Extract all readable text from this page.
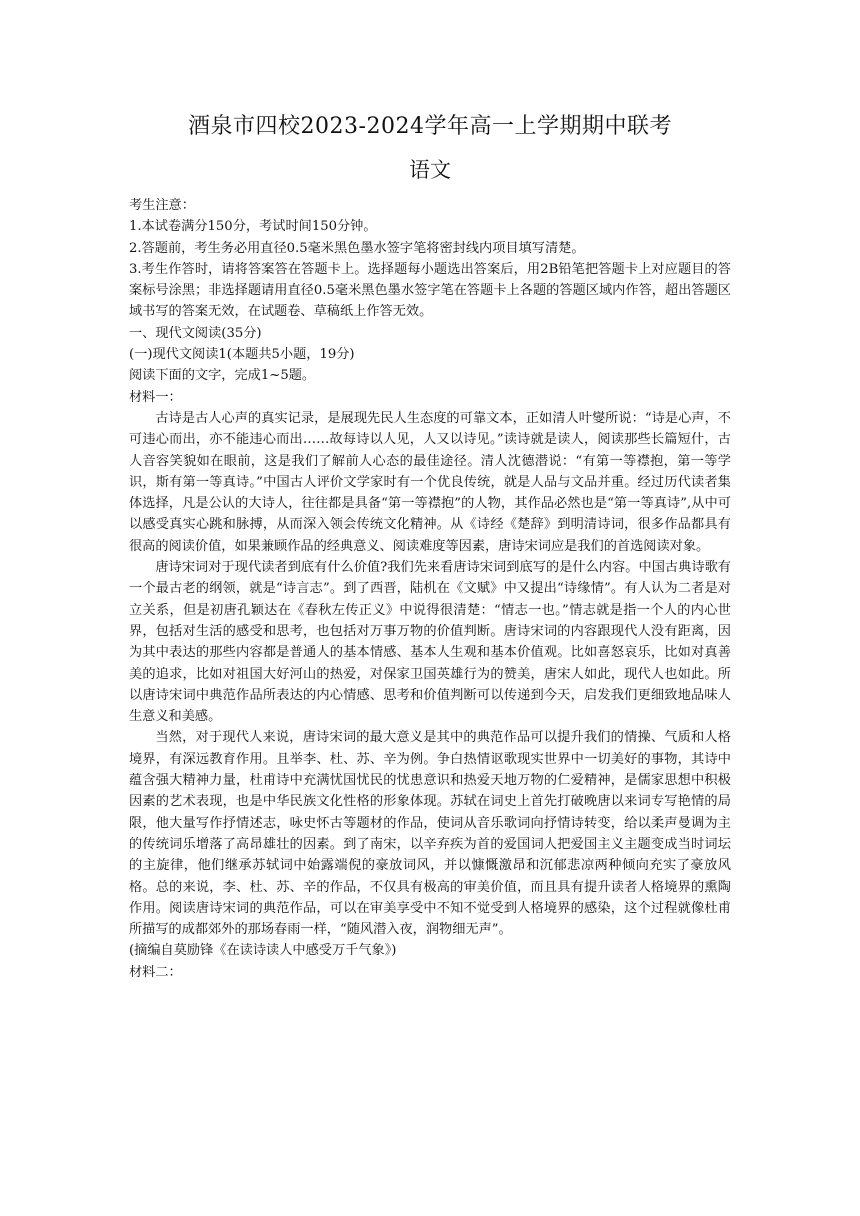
酒泉市四校2023-2024学年高一上学期期中联考
语文

考生注意：

1.本试卷满分150分，考试时间150分钟。

2.答题前，考生务必用直径0.5毫米黑色墨水签字笔将密封线内项目填写清楚。

3.考生作答时，请将答案答在答题卡上。选择题每小题选出答案后，用2B铅笔把答题卡上对应题目的答案标号涂黑；非选择题请用直径0.5毫米黑色墨水签字笔在答题卡上各题的答题区域内作答，超出答题区域书写的答案无效，在试题卷、草稿纸上作答无效。

一、现代文阅读(35分)

(一)现代文阅读1(本题共5小题，19分)

阅读下面的文字，完成1~5题。

材料一：

古诗是古人心声的真实记录，是展现先民人生态度的可靠文本，正如清人叶燮所说：“诗是心声，不可违心而出，亦不能违心而出……故每诗以人见，人又以诗见。”读诗就是读人，阅读那些长篇短什，古人音容笑貌如在眼前，这是我们了解前人心态的最佳途径。清人沈德潜说：“有第一等襟抱，第一等学识，斯有第一等真诗。”中国古人评价文学家时有一个优良传统，就是人品与文品并重。经过历代读者集体选择，凡是公认的大诗人，往往都是具备“第一等襟抱”的人物，其作品必然也是“第一等真诗”,从中可以感受真实心跳和脉搏，从而深入领会传统文化精神。从《诗经《楚辞》到明清诗词，很多作品都具有很高的阅读价值，如果兼顾作品的经典意义、阅读难度等因素，唐诗宋词应是我们的首选阅读对象。

唐诗宋词对于现代读者到底有什么价值?我们先来看唐诗宋词到底写的是什么内容。中国古典诗歌有一个最古老的纲领，就是“诗言志”。到了西晋，陆机在《文赋》中又提出“诗缘情”。有人认为二者是对立关系，但是初唐孔颖达在《春秋左传正义》中说得很清楚：“情志一也。”情志就是指一个人的内心世界，包括对生活的感受和思考，也包括对万事万物的价值判断。唐诗宋词的内容跟现代人没有距离，因为其中表达的那些内容都是普通人的基本情感、基本人生观和基本价值观。比如喜怒哀乐，比如对真善美的追求，比如对祖国大好河山的热爱，对保家卫国英雄行为的赞美，唐宋人如此，现代人也如此。所以唐诗宋词中典范作品所表达的内心情感、思考和价值判断可以传递到今天，启发我们更细致地品味人生意义和美感。

当然，对于现代人来说，唐诗宋词的最大意义是其中的典范作品可以提升我们的情操、气质和人格境界，有深远教育作用。且举李、杜、苏、辛为例。争白热情讴歌现实世界中一切美好的事物，其诗中蕴含强大精神力量，杜甫诗中充满忧国忧民的忧患意识和热爱天地万物的仁爱精神，是儒家思想中积极因素的艺术表现，也是中华民族文化性格的形象体现。苏轼在词史上首先打破晚唐以来词专写艳情的局限，他大量写作抒情述志，咏史怀古等题材的作品，使词从音乐歌词向抒情诗转变，给以柔声曼调为主的传统词乐增落了高昂雄壮的因素。到了南宋，以辛弃疾为首的爱国词人把爱国主义主题变成当时词坛的主旋律，他们继承苏轼词中始露端倪的豪放词风，并以慷慨激昂和沉郁悲凉两种倾向充实了豪放风格。总的来说，李、杜、苏、辛的作品，不仅具有极高的审美价值，而且具有提升读者人格境界的熏陶作用。阅读唐诗宋词的典范作品，可以在审美享受中不知不觉受到人格境界的感染，这个过程就像杜甫所描写的成都郊外的那场春雨一样，“随风潜入夜，润物细无声”。

(摘编自莫励锋《在读诗读人中感受万千气象》)

材料二：
